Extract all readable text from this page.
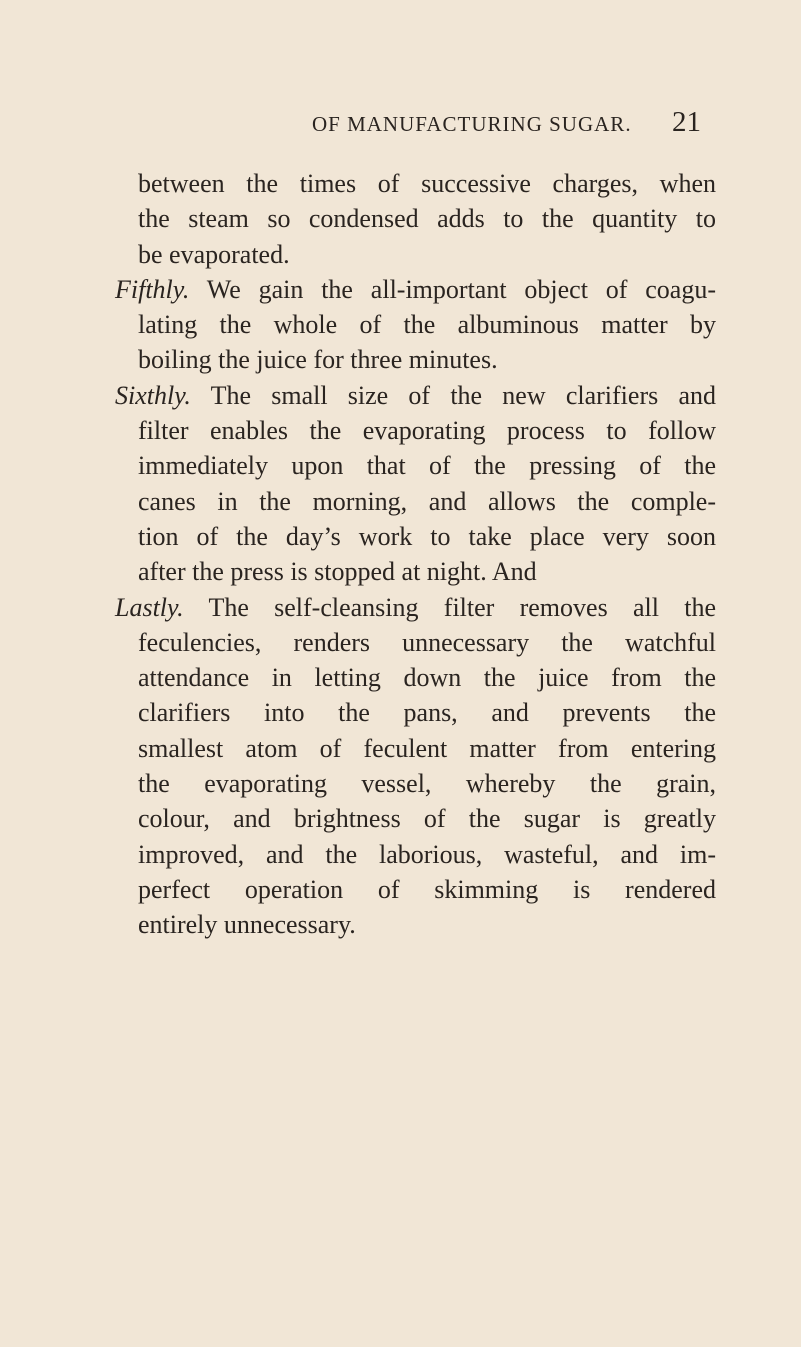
OF MANUFACTURING SUGAR. 21
between the times of successive charges, when
the steam so condensed adds to the quantity to
be evaporated.
Fifthly. We gain the all-important object of coagu-
lating the whole of the albuminous matter by
boiling the juice for three minutes.
Sixthly. The small size of the new clarifiers and
filter enables the evaporating process to follow
immediately upon that of the pressing of the
canes in the morning, and allows the comple-
tion of the day’s work to take place very soon
after the press is stopped at night. And
Lastly. The self-cleansing filter removes all the
feculencies, renders unnecessary the watchful
attendance in letting down the juice from the
clarifiers into the pans, and prevents the
smallest atom of feculent matter from entering
the evaporating vessel, whereby the grain,
colour, and brightness of the sugar is greatly
improved, and the laborious, wasteful, and im-
perfect operation of skimming is rendered
entirely unnecessary.
